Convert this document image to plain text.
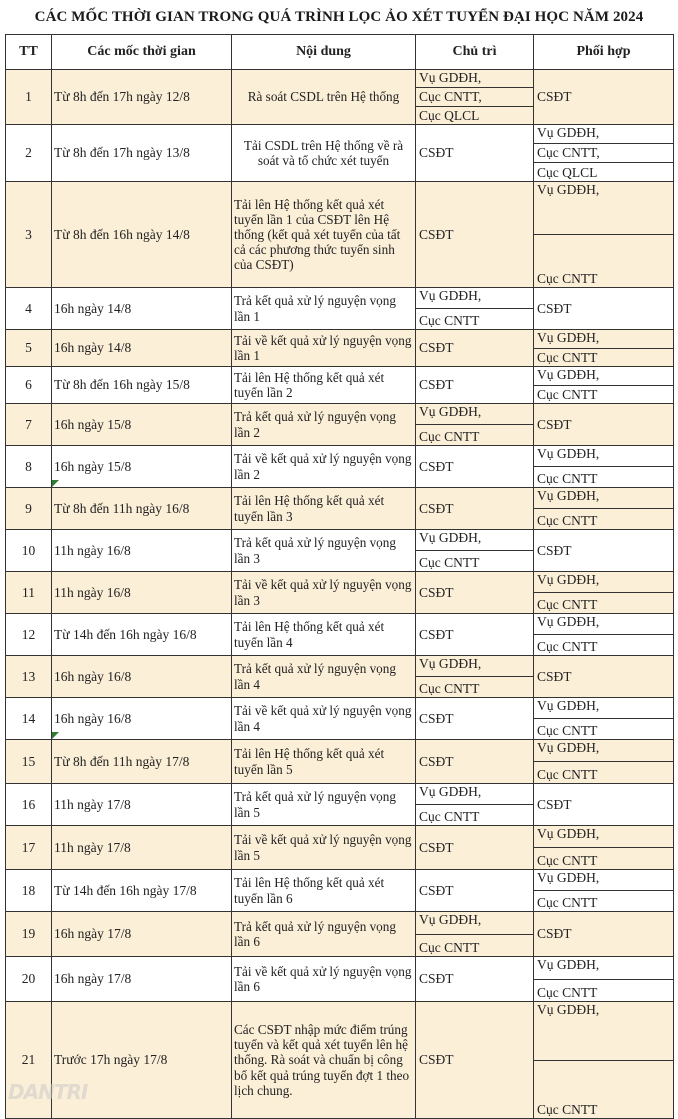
CÁC MỐC THỜI GIAN TRONG QUÁ TRÌNH LỌC ẢO XÉT TUYỂN ĐẠI HỌC NĂM 2024
TT	Các mốc thời gian	Nội dung	Chủ trì	Phối hợp
1	Từ 8h đến 17h ngày 12/8	Rà soát CSDL trên Hệ thống	Vụ GDĐH,
Cục CNTT,
Cục QLCL	CSĐT
2	Từ 8h đến 17h ngày 13/8	Tải CSDL trên Hệ thống về rà soát và tổ chức xét tuyển	CSĐT	Vụ GDĐH,
Cục CNTT,
Cục QLCL

3	Từ 8h đến 16h ngày 14/8	Tải lên Hệ thống kết quả xét tuyển lần 1 của CSĐT lên Hệ thống (kết quả xét tuyển của tất cả các phương thức tuyển sinh của CSĐT)	CSĐT	Vụ GDĐH,
Cục CNTT

4	16h ngày 14/8	Trả kết quả xử lý nguyện vọng lần 1	Vụ GDĐH,
Cục CNTT	CSĐT
5	16h ngày 14/8	Tải về kết quả xử lý nguyện vọng lần 1	CSĐT	Vụ GDĐH,
Cục CNTT

6	Từ 8h đến 16h ngày 15/8	Tải lên Hệ thống kết quả xét tuyển lần 2	CSĐT	Vụ GDĐH,
Cục CNTT

7	16h ngày 15/8	Trả kết quả xử lý nguyện vọng lần 2	Vụ GDĐH,
Cục CNTT	CSĐT
8	16h ngày 15/8	Tải về kết quả xử lý nguyện vọng lần 2	CSĐT	Vụ GDĐH,
Cục CNTT

9	Từ 8h đến 11h ngày 16/8	Tải lên Hệ thống kết quả xét tuyển lần 3	CSĐT	Vụ GDĐH,
Cục CNTT

10	11h ngày 16/8	Trả kết quả xử lý nguyện vọng lần 3	Vụ GDĐH,
Cục CNTT	CSĐT
11	11h ngày 16/8	Tải về kết quả xử lý nguyện vọng lần 3	CSĐT	Vụ GDĐH,
Cục CNTT

12	Từ 14h đến 16h ngày 16/8	Tải lên Hệ thống kết quả xét tuyển lần 4	CSĐT	Vụ GDĐH,
Cục CNTT

13	16h ngày 16/8	Trả kết quả xử lý nguyện vọng lần 4	Vụ GDĐH,
Cục CNTT	CSĐT
14	16h ngày 16/8	Tải về kết quả xử lý nguyện vọng lần 4	CSĐT	Vụ GDĐH,
Cục CNTT

15	Từ 8h đến 11h ngày 17/8	Tải lên Hệ thống kết quả xét tuyển lần 5	CSĐT	Vụ GDĐH,
Cục CNTT

16	11h ngày 17/8	Trả kết quả xử lý nguyện vọng lần 5	Vụ GDĐH,
Cục CNTT	CSĐT
17	11h ngày 17/8	Tải về kết quả xử lý nguyện vọng lần 5	CSĐT	Vụ GDĐH,
Cục CNTT

18	Từ 14h đến 16h ngày 17/8	Tải lên Hệ thống kết quả xét tuyển lần 6	CSĐT	Vụ GDĐH,
Cục CNTT

19	16h ngày 17/8	Trả kết quả xử lý nguyện vọng lần 6	Vụ GDĐH,
Cục CNTT	CSĐT
20	16h ngày 17/8	Tải về kết quả xử lý nguyện vọng lần 6	CSĐT	Vụ GDĐH,
Cục CNTT

21	Trước 17h ngày 17/8	Các CSĐT nhập mức điểm trúng tuyển và kết quả xét tuyển lên hệ thống. Rà soát và chuẩn bị công bố kết quả trúng tuyển đợt 1 theo lịch chung.	CSĐT	Vụ GDĐH,
Cục CNTT
DANTRI
